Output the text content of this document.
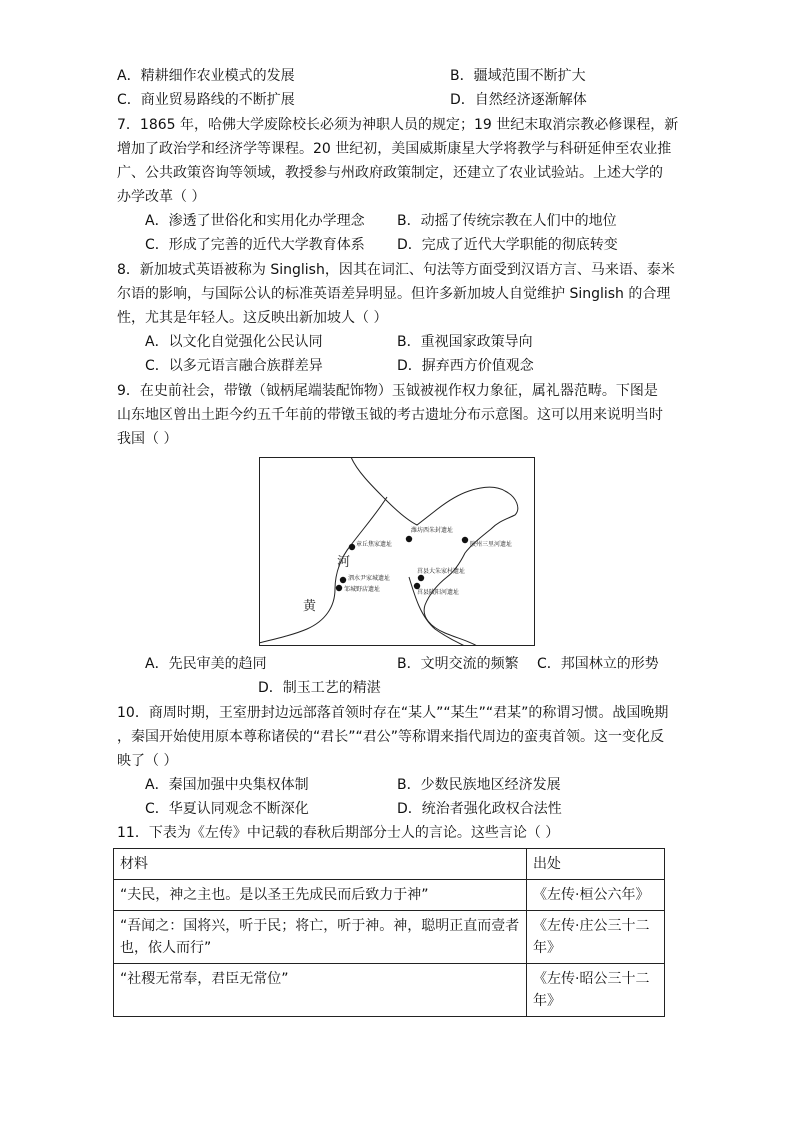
A．精耕细作农业模式的发展	B．疆域范围不断扩大
C．商业贸易路线的不断扩展	D．自然经济逐渐解体
7．1865 年，哈佛大学废除校长必须为神职人员的规定；19 世纪末取消宗教必修课程，新
增加了政治学和经济学等课程。20 世纪初，美国威斯康星大学将教学与科研延伸至农业推
广、公共政策咨询等领域，教授参与州政府政策制定，还建立了农业试验站。上述大学的
办学改革（ ）
A．渗透了世俗化和实用化办学理念 B．动摇了传统宗教在人们中的地位
C．形成了完善的近代大学教育体系 D．完成了近代大学职能的彻底转变
8．新加坡式英语被称为 Singlish，因其在词汇、句法等方面受到汉语方言、马来语、泰米
尔语的影响，与国际公认的标准英语差异明显。但许多新加坡人自觉维护 Singlish 的合理
性，尤其是年轻人。这反映出新加坡人（ ）
A．以文化自觉强化公民认同	B．重视国家政策导向
C．以多元语言融合族群差异	D．摒弃西方价值观念
9．在史前社会，带镦（钺柄尾端装配饰物）玉钺被视作权力象征，属礼器范畴。下图是
山东地区曾出土距今约五千年前的带镦玉钺的考古遗址分布示意图。这可以用来说明当时
我国（ ）
章丘焦家遗址
潍坊西朱封遗址
胶州三里河遗址
泗水尹家城遗址
邹城野店遗址
莒县大朱家村遗址
莒县陵阳河遗址
河
黄
A．先民审美的趋同	B．文明交流的频繁 C．邦国林立的形势
D．制玉工艺的精湛
10．商周时期，王室册封边远部落首领时存在“某人”“某生”“君某”的称谓习惯。战国晚期
，秦国开始使用原本尊称诸侯的“君长”“君公”等称谓来指代周边的蛮夷首领。这一变化反
映了（ ）
A．秦国加强中央集权体制	B．少数民族地区经济发展
C．华夏认同观念不断深化	D．统治者强化政权合法性
11．下表为《左传》中记载的春秋后期部分士人的言论。这些言论（ ）
材料	出处
“夫民，神之主也。是以圣王先成民而后致力于神”	《左传·桓公六年》
“吾闻之：国将兴，听于民；将亡，听于神。神，聪明正直而壹者也，依人而行”	《左传·庄公三十二年》
“社稷无常奉，君臣无常位”	《左传·昭公三十二年》
